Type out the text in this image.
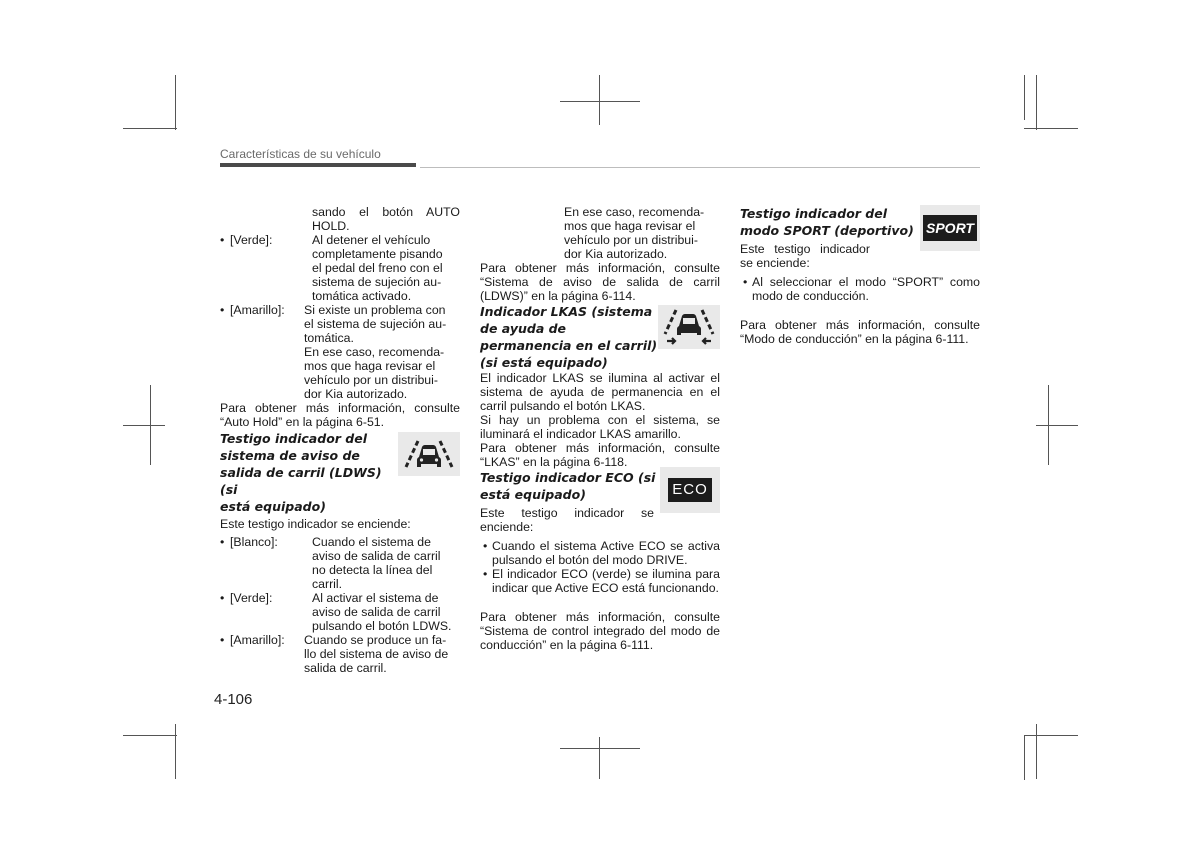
Características de su vehículo
sando el botón AUTO
HOLD.
• [Verde]:	Al detener el vehículo
completamente pisando
el pedal del freno con el
sistema de sujeción au-
tomática activado.
• [Amarillo]:	Si existe un problema con
el sistema de sujeción au-
tomática.
En ese caso, recomenda-
mos que haga revisar el
vehículo por un distribui-
dor Kia autorizado.

Para obtener más información, consulte “Auto Hold” en la página 6-51.

Testigo indicador del
sistema de aviso de
salida de carril (LDWS) (si
está equipado)

Este testigo indicador se enciende:

• [Blanco]:	Cuando el sistema de
aviso de salida de carril
no detecta la línea del
carril.
• [Verde]:	Al activar el sistema de
aviso de salida de carril
pulsando el botón LDWS.
• [Amarillo]:	Cuando se produce un fa-
llo del sistema de aviso de
salida de carril.
En ese caso, recomenda-
mos que haga revisar el
vehículo por un distribui-
dor Kia autorizado.

Para obtener más información, consulte “Sistema de aviso de salida de carril (LDWS)” en la página 6-114.

Indicador LKAS (sistema
de ayuda de
permanencia en el carril)
(si está equipado)

El indicador LKAS se ilumina al activar el sistema de ayuda de permanencia en el carril pulsando el botón LKAS.

Si hay un problema con el sistema, se iluminará el indicador LKAS amarillo.

Para obtener más información, consulte “LKAS” en la página 6-118.

Testigo indicador ECO (si
está equipado)

Este testigo indicador se enciende:

ECO
• Cuando el sistema Active ECO se activa pulsando el botón del modo DRIVE.
• El indicador ECO (verde) se ilumina para indicar que Active ECO está funcionando.

Para obtener más información, consulte “Sistema de control integrado del modo de conducción” en la página 6-111.

Testigo indicador del
modo SPORT (deportivo)

Este testigo indicador se enciende:

SPORT
• Al seleccionar el modo “SPORT” como modo de conducción.

Para obtener más información, consulte “Modo de conducción” en la página 6-111.

4-106
